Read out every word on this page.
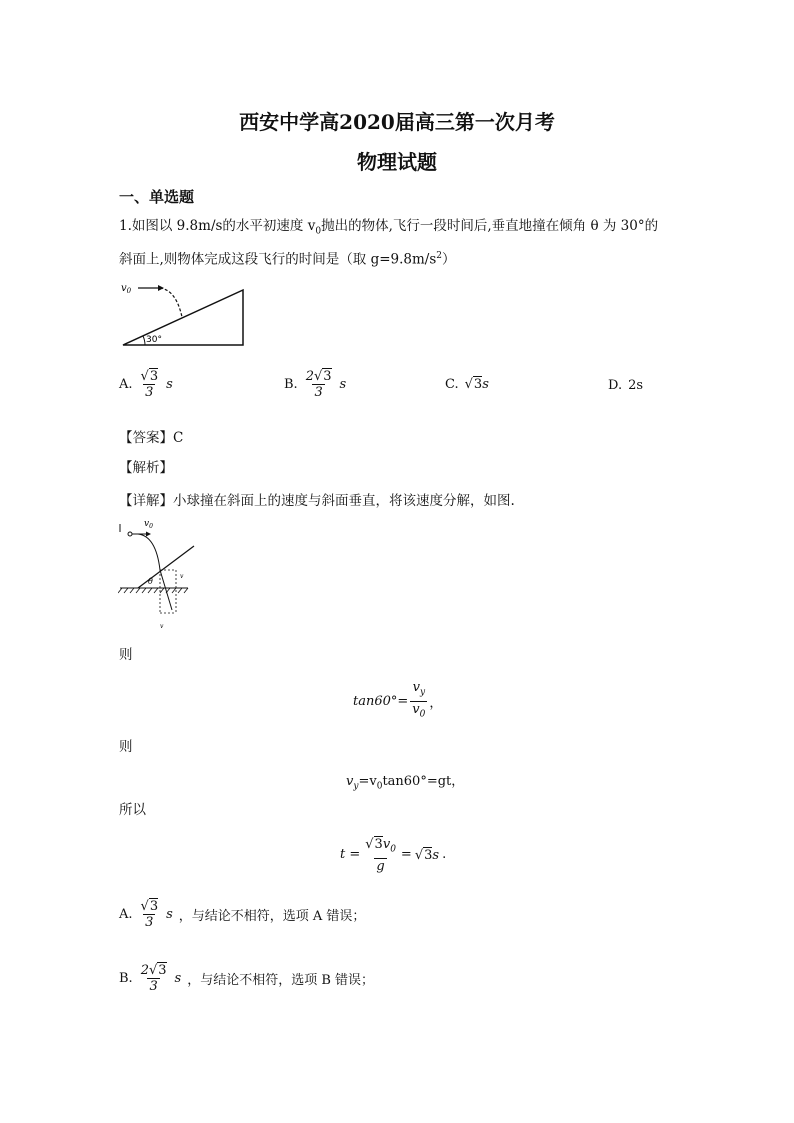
西安中学高2020届高三第一次月考
物理试题
一、单选题
1.如图以 9.8m/s的水平初速度 $v_0$抛出的物体,飞行一段时间后,垂直地撞在倾角 θ 为 30°的
斜面上,则物体完成这段飞行的时间是（取 $g=9.8m/s^2$）
$v_0$
30°
A. $\frac{√3}{3}$ s	B. $\frac{2√3}{3}$ s	C. √3s	D. 2s
【答案】C
【解析】
【详解】小球撞在斜面上的速度与斜面垂直，将该速度分解，如图.
$v_0$
θ
v
v
则
$\tan 60^\circ= \frac{v_y}{v_0}$ ，
则
$v_y=v_0\tan 60^\circ=gt$，
所以
$t = \frac{√3v_0}{g} = √3s$ .
A. $\frac{√3}{3}$ s ，与结论不相符，选项 A 错误；
B. $\frac{2√3}{3}$ s ，与结论不相符，选项 B 错误；
